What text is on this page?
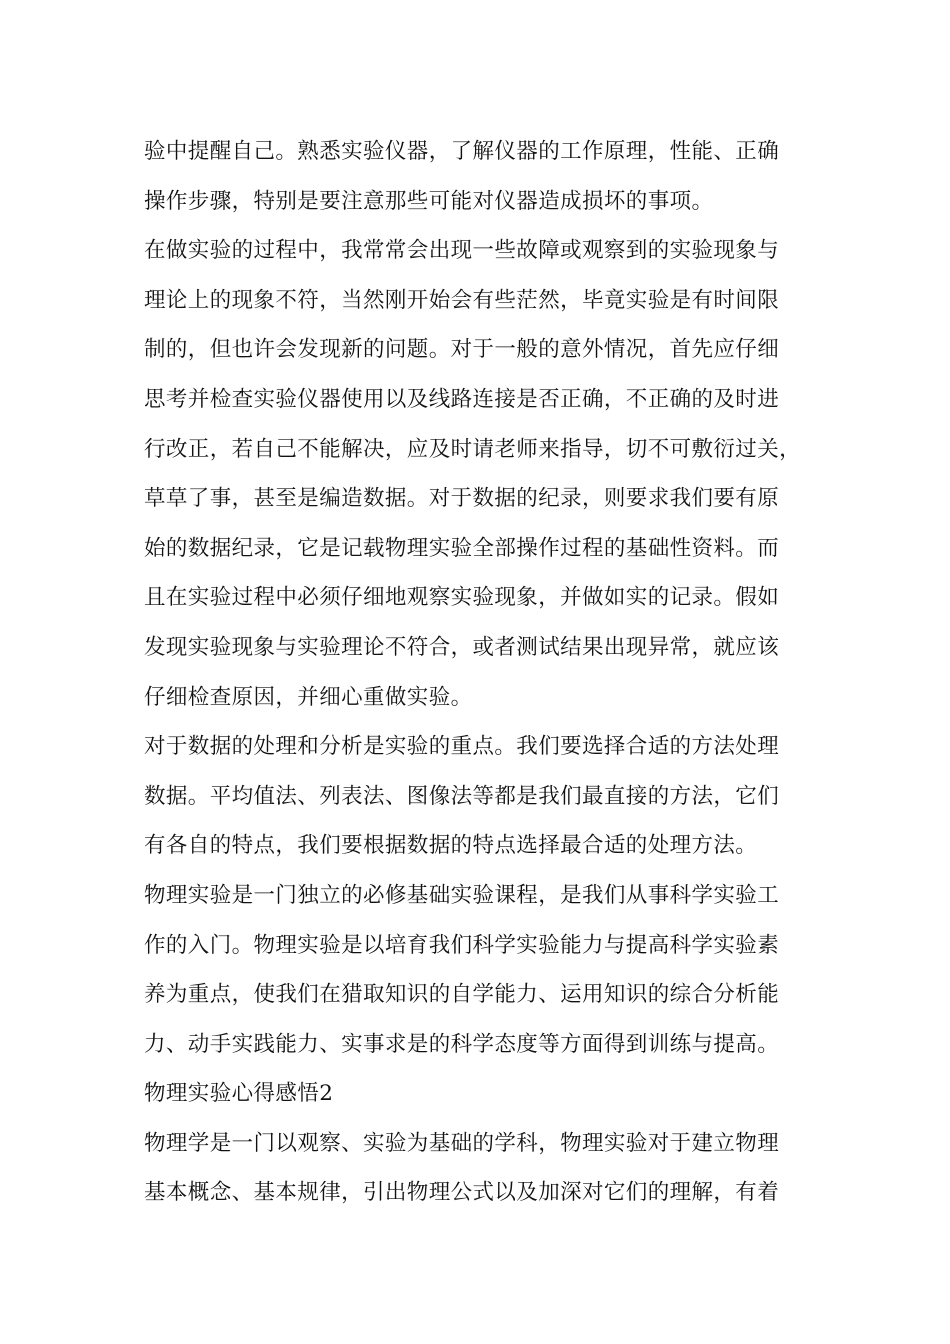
验中提醒自己。熟悉实验仪器，了解仪器的工作原理，性能、正确
操作步骤，特别是要注意那些可能对仪器造成损坏的事项。
在做实验的过程中，我常常会出现一些故障或观察到的实验现象与
理论上的现象不符，当然刚开始会有些茫然，毕竟实验是有时间限
制的，但也许会发现新的问题。对于一般的意外情况，首先应仔细
思考并检查实验仪器使用以及线路连接是否正确，不正确的及时进
行改正，若自己不能解决，应及时请老师来指导，切不可敷衍过关，
草草了事，甚至是编造数据。对于数据的纪录，则要求我们要有原
始的数据纪录，它是记载物理实验全部操作过程的基础性资料。而
且在实验过程中必须仔细地观察实验现象，并做如实的记录。假如
发现实验现象与实验理论不符合，或者测试结果出现异常，就应该
仔细检查原因，并细心重做实验。
对于数据的处理和分析是实验的重点。我们要选择合适的方法处理
数据。平均值法、列表法、图像法等都是我们最直接的方法，它们
有各自的特点，我们要根据数据的特点选择最合适的处理方法。
物理实验是一门独立的必修基础实验课程，是我们从事科学实验工
作的入门。物理实验是以培育我们科学实验能力与提高科学实验素
养为重点，使我们在猎取知识的自学能力、运用知识的综合分析能
力、动手实践能力、实事求是的科学态度等方面得到训练与提高。
物理实验心得感悟2
物理学是一门以观察、实验为基础的学科，物理实验对于建立物理
基本概念、基本规律，引出物理公式以及加深对它们的理解，有着
